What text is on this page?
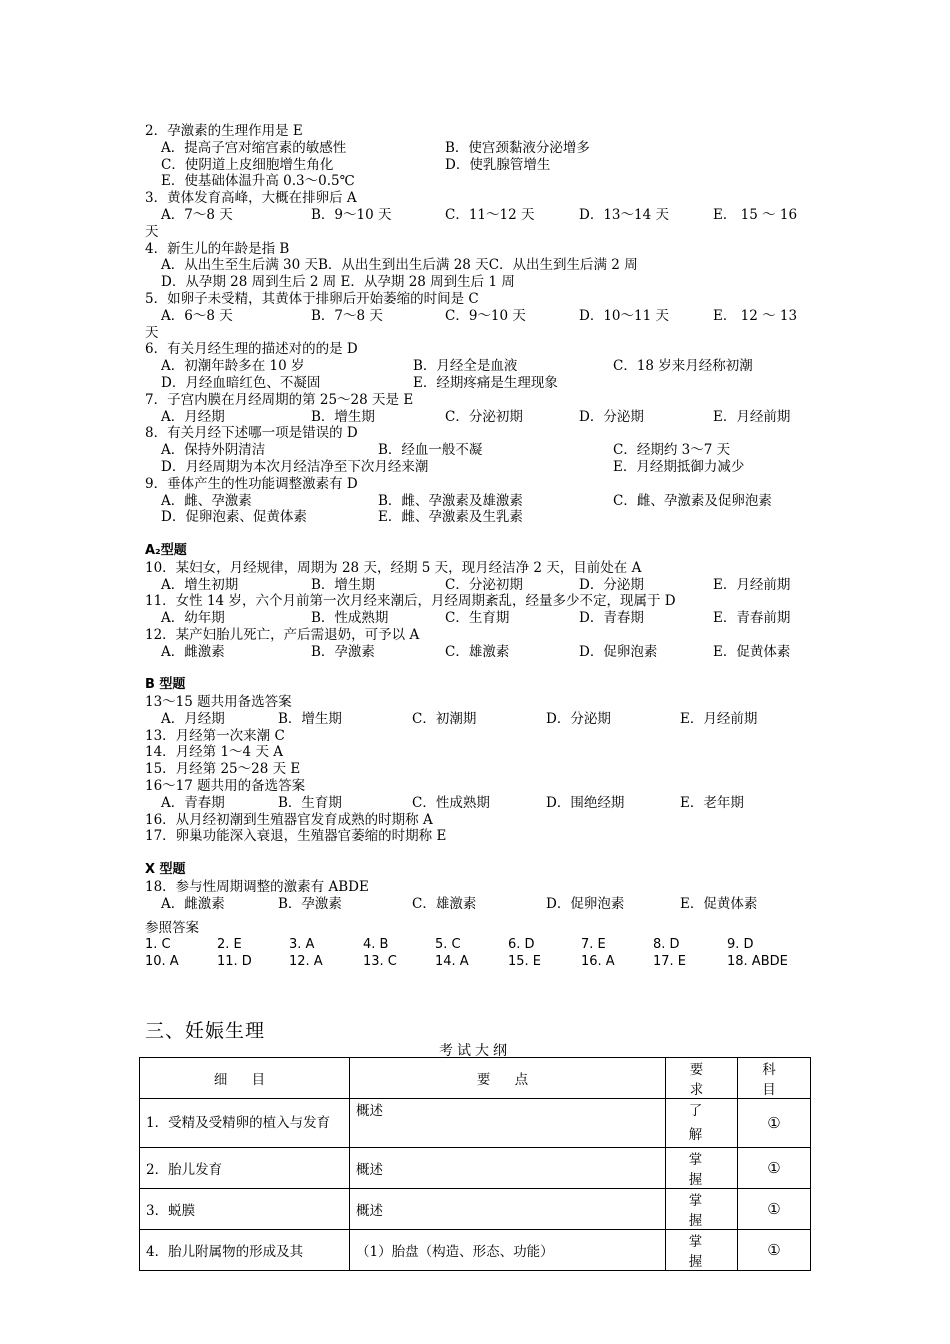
2．孕激素的生理作用是 E
A．提高子宫对缩宫素的敏感性	B．使宫颈黏液分泌增多
C．使阴道上皮细胞增生角化	D．使乳腺管增生
E．使基础体温升高 0.3～0.5℃
3．黄体发育高峰，大概在排卵后 A
A．7～8 天	B．9～10 天	C．11～12 天	D．13～14 天	E． 15 ～ 16
天
4．新生儿的年龄是指 B
A．从出生至生后满 30 天B．从出生到出生后满 28 天C．从出生到生后满 2 周
D．从孕期 28 周到生后 2 周 E．从孕期 28 周到生后 1 周
5．如卵子未受精，其黄体于排卵后开始萎缩的时间是 C
A．6～8 天	B．7～8 天	C．9～10 天	D．10～11 天	E． 12 ～ 13
天
6．有关月经生理的描述对的的是 D
A．初潮年龄多在 10 岁	B．月经全是血液	C．18 岁来月经称初潮
D．月经血暗红色、不凝固	E．经期疼痛是生理现象
7．子宫内膜在月经周期的第 25～28 天是 E
A．月经期	B．增生期	C．分泌初期	D．分泌期	E．月经前期
8．有关月经下述哪一项是错误的 D
A．保持外阴清洁	B．经血一般不凝	C．经期约 3～7 天
D．月经周期为本次月经洁净至下次月经来潮	E．月经期抵御力减少
9．垂体产生的性功能调整激素有 D
A．雌、孕激素	B．雌、孕激素及雄激素	C．雌、孕激素及促卵泡素
D．促卵泡素、促黄体素	E．雌、孕激素及生乳素
A₂型题
10．某妇女，月经规律，周期为 28 天，经期 5 天，现月经洁净 2 天，目前处在 A
A．增生初期	B．增生期	C．分泌初期	D．分泌期	E．月经前期
11．女性 14 岁，六个月前第一次月经来潮后，月经周期紊乱，经量多少不定，现属于 D
A．幼年期	B．性成熟期	C．生育期	D．青春期	E．青春前期
12．某产妇胎儿死亡，产后需退奶，可予以 A
A．雌激素	B．孕激素	C．雄激素	D．促卵泡素	E．促黄体素
B 型题
13～15 题共用备选答案
A．月经期	B．增生期	C．初潮期	D．分泌期	E．月经前期
13．月经第一次来潮 C
14．月经第 1～4 天 A
15．月经第 25～28 天 E
16～17 题共用的备选答案
A．青春期	B．生育期	C．性成熟期	D．围绝经期	E．老年期
16．从月经初潮到生殖器官发育成熟的时期称 A
17．卵巢功能深入衰退，生殖器官萎缩的时期称 E
X 型题
18．参与性周期调整的激素有 ABDE
A．雌激素	B．孕激素	C．雄激素	D．促卵泡素	E．促黄体素
参照答案
1. C	2. E	3. A	4. B	5. C	6. D	7. E	8. D	9. D
10. A	11. D	12. A	13. C	14. A	15. E	16. A	17. E	18. ABDE
三、妊娠生理
考试大纲
细 目	要 点	要 求	科 目
1．受精及受精卵的植入与发育	概述	了 解	①
2．胎儿发育	概述	掌 握	①
3．蜕膜	概述	掌 握	①
4．胎儿附属物的形成及其	（1）胎盘（构造、形态、功能）	掌 握	①
